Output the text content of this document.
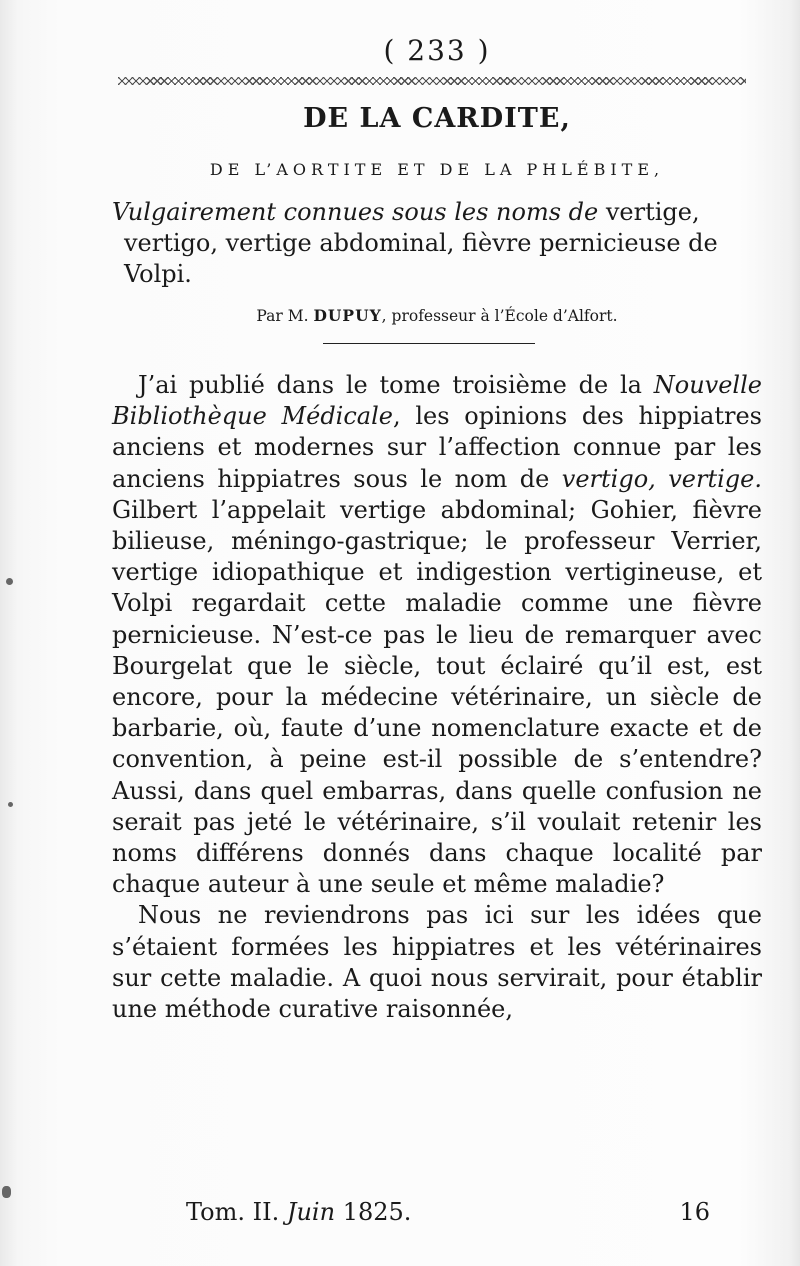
( 233 )
DE LA CARDITE,
DE L’AORTITE ET DE LA PHLÉBITE,
Vulgairement connues sous les noms de vertige, vertigo, vertige abdominal, fièvre pernicieuse de Volpi.
Par M. DUPUY, professeur à l’École d’Alfort.

J’ai publié dans le tome troisième de la Nouvelle Bibliothèque Médicale, les opinions des hippiatres anciens et modernes sur l’affection connue par les anciens hippiatres sous le nom de vertigo, vertige. Gilbert l’appelait vertige abdominal; Gohier, fièvre bilieuse, méningo-gastrique; le professeur Verrier, vertige idiopathique et indigestion vertigineuse, et Volpi regardait cette maladie comme une fièvre pernicieuse. N’est-ce pas le lieu de remarquer avec Bourgelat que le siècle, tout éclairé qu’il est, est encore, pour la médecine vétérinaire, un siècle de barbarie, où, faute d’une nomenclature exacte et de convention, à peine est-il possible de s’entendre? Aussi, dans quel embarras, dans quelle confusion ne serait pas jeté le vétérinaire, s’il voulait retenir les noms différens donnés dans chaque localité par chaque auteur à une seule et même maladie?

Nous ne reviendrons pas ici sur les idées que s’étaient formées les hippiatres et les vétérinaires sur cette maladie. A quoi nous servirait, pour établir une méthode curative raisonnée,

Tom. II. Juin 1825.	16
